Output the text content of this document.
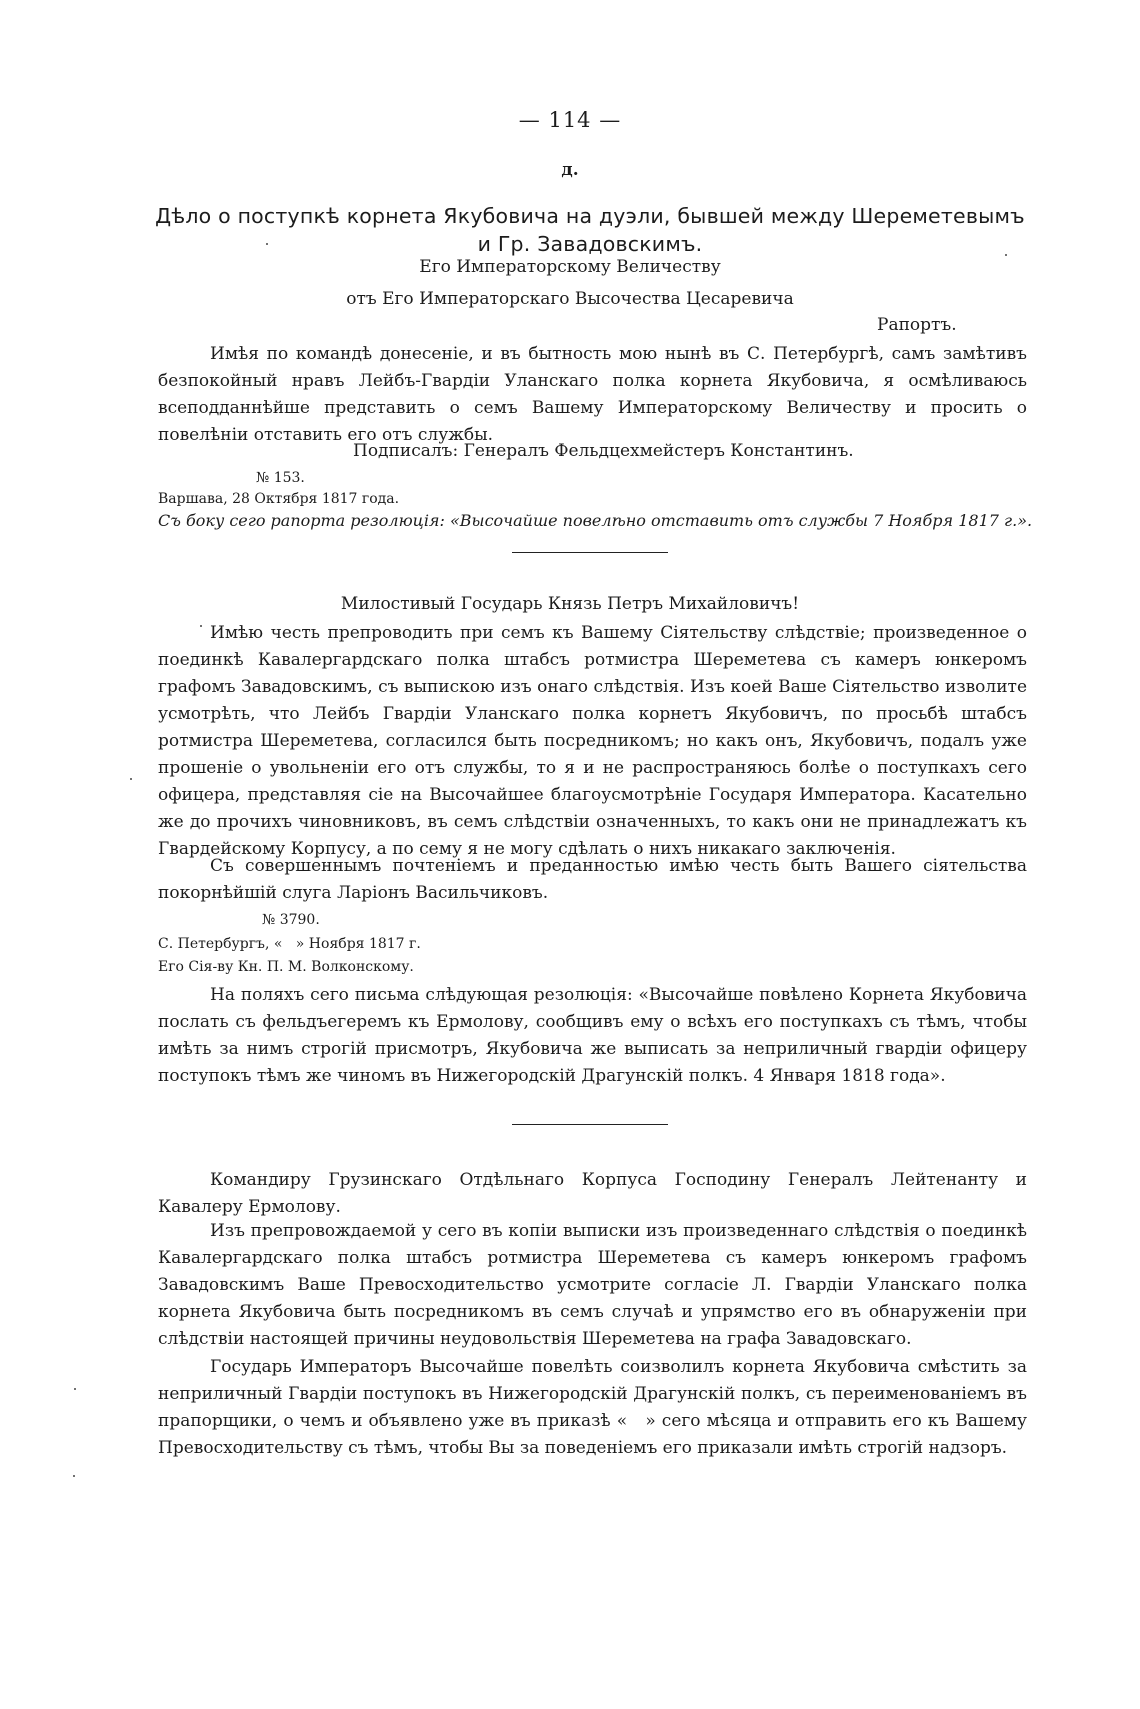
— 114 —
д.
Дѣло о поступкѣ корнета Якубовича на дуэли, бывшей между Шереметевымъ и Гр. Завадовскимъ.
Его Императорскому Величеству
отъ Его Императорскаго Высочества Цесаревича
Рапортъ.
Имѣя по командѣ донесеніе, и въ бытность мою нынѣ въ С. Петербургѣ, самъ замѣтивъ безпокойный нравъ Лейбъ-Гвардіи Уланскаго полка корнета Якубовича, я осмѣливаюсь всеподданнѣйше представить о семъ Вашему Императорскому Величеству и просить о повелѣніи отставить его отъ службы.
Подписалъ: Генералъ Фельдцехмейстеръ Константинъ.
№ 153.
Варшава, 28 Октября 1817 года.
Съ боку сего рапорта резолюція: «Высочайше повелѣно отставить отъ службы 7 Ноября 1817 г.».
Милостивый Государь Князь Петръ Михайловичъ!
Имѣю честь препроводить при семъ къ Вашему Сіятельству слѣдствіе; произведенное о поединкѣ Кавалергардскаго полка штабсъ ротмистра Шереметева съ камеръ юнкеромъ графомъ Завадовскимъ, съ выпискою изъ онаго слѣдствія. Изъ коей Ваше Сіятельство изволите усмотрѣть, что Лейбъ Гвардіи Уланскаго полка корнетъ Якубовичъ, по просьбѣ штабсъ ротмистра Шереметева, согласился быть посредникомъ; но какъ онъ, Якубовичъ, подалъ уже прошеніе о увольненіи его отъ службы, то я и не распространяюсь болѣе о поступкахъ сего офицера, представляя сіе на Высочайшее благоусмотрѣніе Государя Императора. Касательно же до прочихъ чиновниковъ, въ семъ слѣдствіи означенныхъ, то какъ они не принадлежатъ къ Гвардейскому Корпусу, а по сему я не могу сдѣлать о нихъ никакаго заключенія.
Съ совершеннымъ почтеніемъ и преданностью имѣю честь быть Вашего сіятельства покорнѣйшій слуга Ларіонъ Васильчиковъ.
№ 3790.
С. Петербургъ, «   » Ноября 1817 г.
Его Сія-ву Кн. П. М. Волконскому.
На поляхъ сего письма слѣдующая резолюція: «Высочайше повѣлено Корнета Якубовича послать съ фельдъегеремъ къ Ермолову, сообщивъ ему о всѣхъ его поступкахъ съ тѣмъ, чтобы имѣть за нимъ строгій присмотръ, Якубовича же выписать за неприличный гвардіи офицеру поступокъ тѣмъ же чиномъ въ Нижегородскій Драгунскій полкъ. 4 Января 1818 года».
Командиру Грузинскаго Отдѣльнаго Корпуса Господину Генералъ Лейтенанту и Кавалеру Ермолову.
Изъ препровождаемой у сего въ копіи выписки изъ произведеннаго слѣдствія о поединкѣ Кавалергардскаго полка штабсъ ротмистра Шереметева съ камеръ юнкеромъ графомъ Завадовскимъ Ваше Превосходительство усмотрите согласіе Л. Гвардіи Уланскаго полка корнета Якубовича быть посредникомъ въ семъ случаѣ и упрямство его въ обнаруженіи при слѣдствіи настоящей причины неудовольствія Шереметева на графа Завадовскаго.
Государь Императоръ Высочайше повелѣть соизволилъ корнета Якубовича смѣстить за неприличный Гвардіи поступокъ въ Нижегородскій Драгунскій полкъ, съ переименованіемъ въ прапорщики, о чемъ и объявлено уже въ приказѣ «   » сего мѣсяца и отправить его къ Вашему Превосходительству съ тѣмъ, чтобы Вы за поведеніемъ его приказали имѣть строгій надзоръ.
